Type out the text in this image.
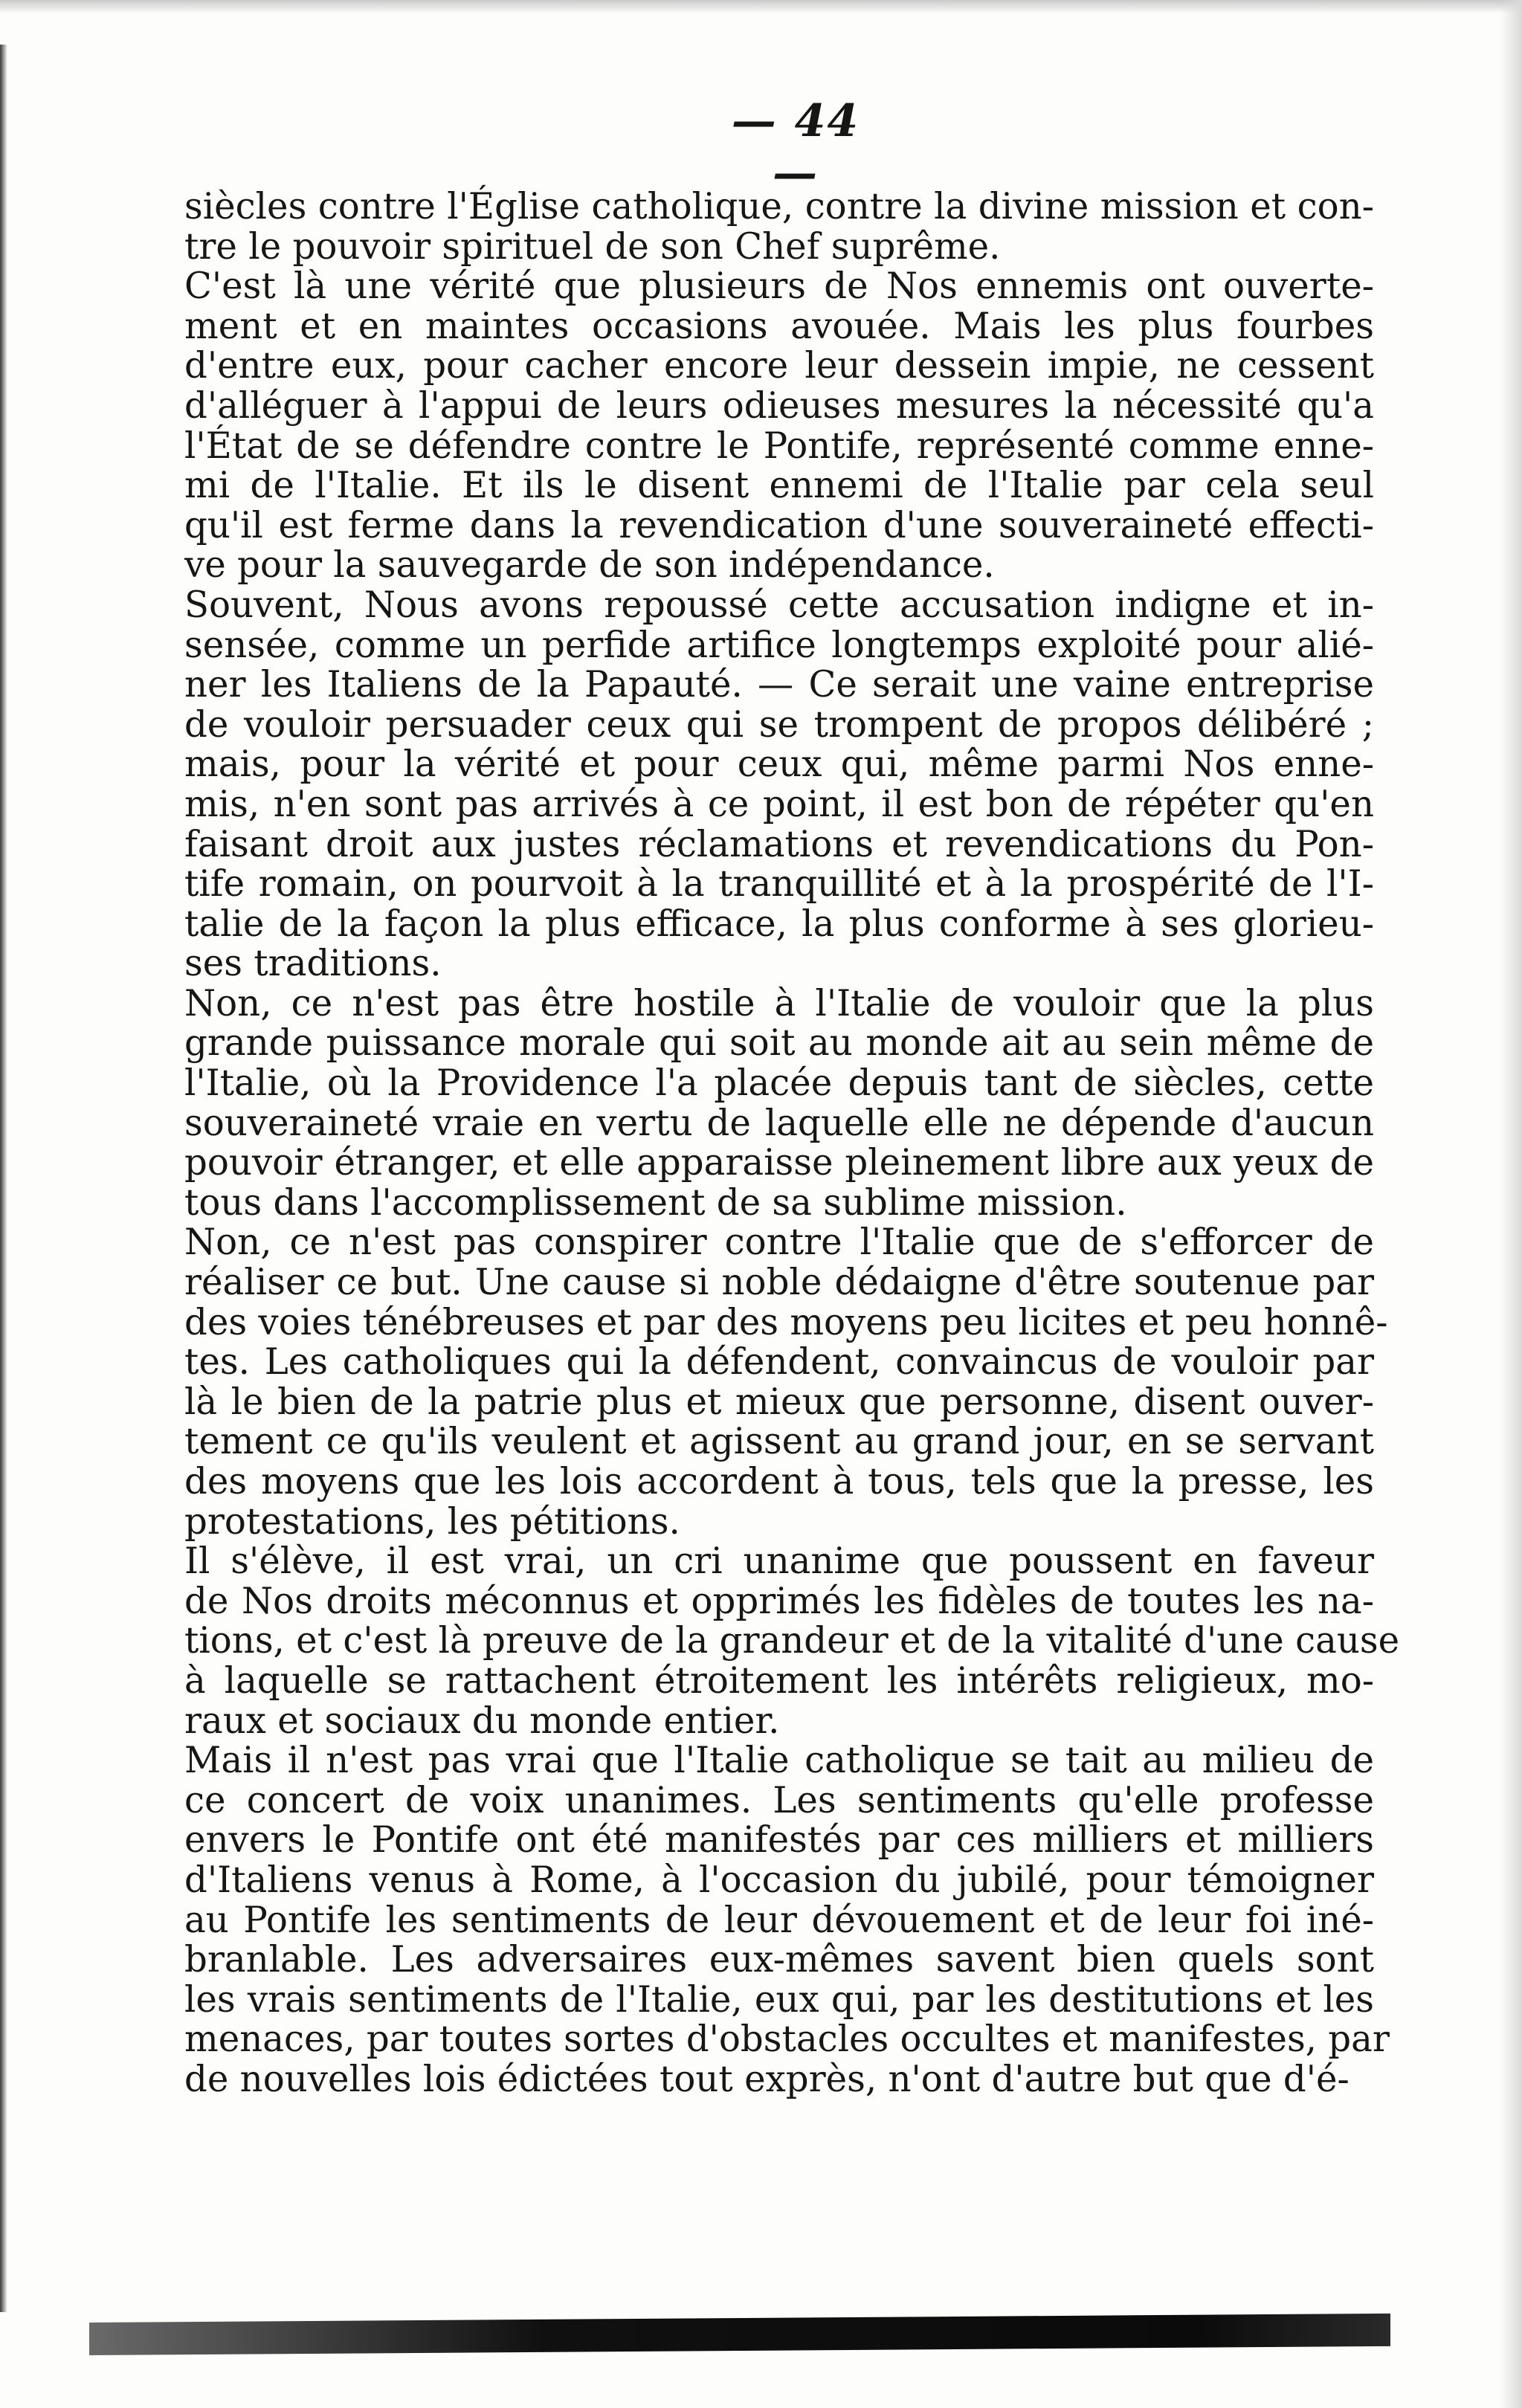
— 44 —
siècles contre l'Église catholique, contre la divine mission et con-
tre le pouvoir spirituel de son Chef suprême.
C'est là une vérité que plusieurs de Nos ennemis ont ouverte-
ment et en maintes occasions avouée. Mais les plus fourbes
d'entre eux, pour cacher encore leur dessein impie, ne cessent
d'alléguer à l'appui de leurs odieuses mesures la nécessité qu'a
l'État de se défendre contre le Pontife, représenté comme enne-
mi de l'Italie. Et ils le disent ennemi de l'Italie par cela seul
qu'il est ferme dans la revendication d'une souveraineté effecti-
ve pour la sauvegarde de son indépendance.
Souvent, Nous avons repoussé cette accusation indigne et in-
sensée, comme un perfide artifice longtemps exploité pour alié-
ner les Italiens de la Papauté. — Ce serait une vaine entreprise
de vouloir persuader ceux qui se trompent de propos délibéré ;
mais, pour la vérité et pour ceux qui, même parmi Nos enne-
mis, n'en sont pas arrivés à ce point, il est bon de répéter qu'en
faisant droit aux justes réclamations et revendications du Pon-
tife romain, on pourvoit à la tranquillité et à la prospérité de l'I-
talie de la façon la plus efficace, la plus conforme à ses glorieu-
ses traditions.
Non, ce n'est pas être hostile à l'Italie de vouloir que la plus
grande puissance morale qui soit au monde ait au sein même de
l'Italie, où la Providence l'a placée depuis tant de siècles, cette
souveraineté vraie en vertu de laquelle elle ne dépende d'aucun
pouvoir étranger, et elle apparaisse pleinement libre aux yeux de
tous dans l'accomplissement de sa sublime mission.
Non, ce n'est pas conspirer contre l'Italie que de s'efforcer de
réaliser ce but. Une cause si noble dédaigne d'être soutenue par
des voies ténébreuses et par des moyens peu licites et peu honnê-
tes. Les catholiques qui la défendent, convaincus de vouloir par
là le bien de la patrie plus et mieux que personne, disent ouver-
tement ce qu'ils veulent et agissent au grand jour, en se servant
des moyens que les lois accordent à tous, tels que la presse, les
protestations, les pétitions.
Il s'élève, il est vrai, un cri unanime que poussent en faveur
de Nos droits méconnus et opprimés les fidèles de toutes les na-
tions, et c'est là preuve de la grandeur et de la vitalité d'une cause
à laquelle se rattachent étroitement les intérêts religieux, mo-
raux et sociaux du monde entier.
Mais il n'est pas vrai que l'Italie catholique se tait au milieu de
ce concert de voix unanimes. Les sentiments qu'elle professe
envers le Pontife ont été manifestés par ces milliers et milliers
d'Italiens venus à Rome, à l'occasion du jubilé, pour témoigner
au Pontife les sentiments de leur dévouement et de leur foi iné-
branlable. Les adversaires eux-mêmes savent bien quels sont
les vrais sentiments de l'Italie, eux qui, par les destitutions et les
menaces, par toutes sortes d'obstacles occultes et manifestes, par
de nouvelles lois édictées tout exprès, n'ont d'autre but que d'é-
